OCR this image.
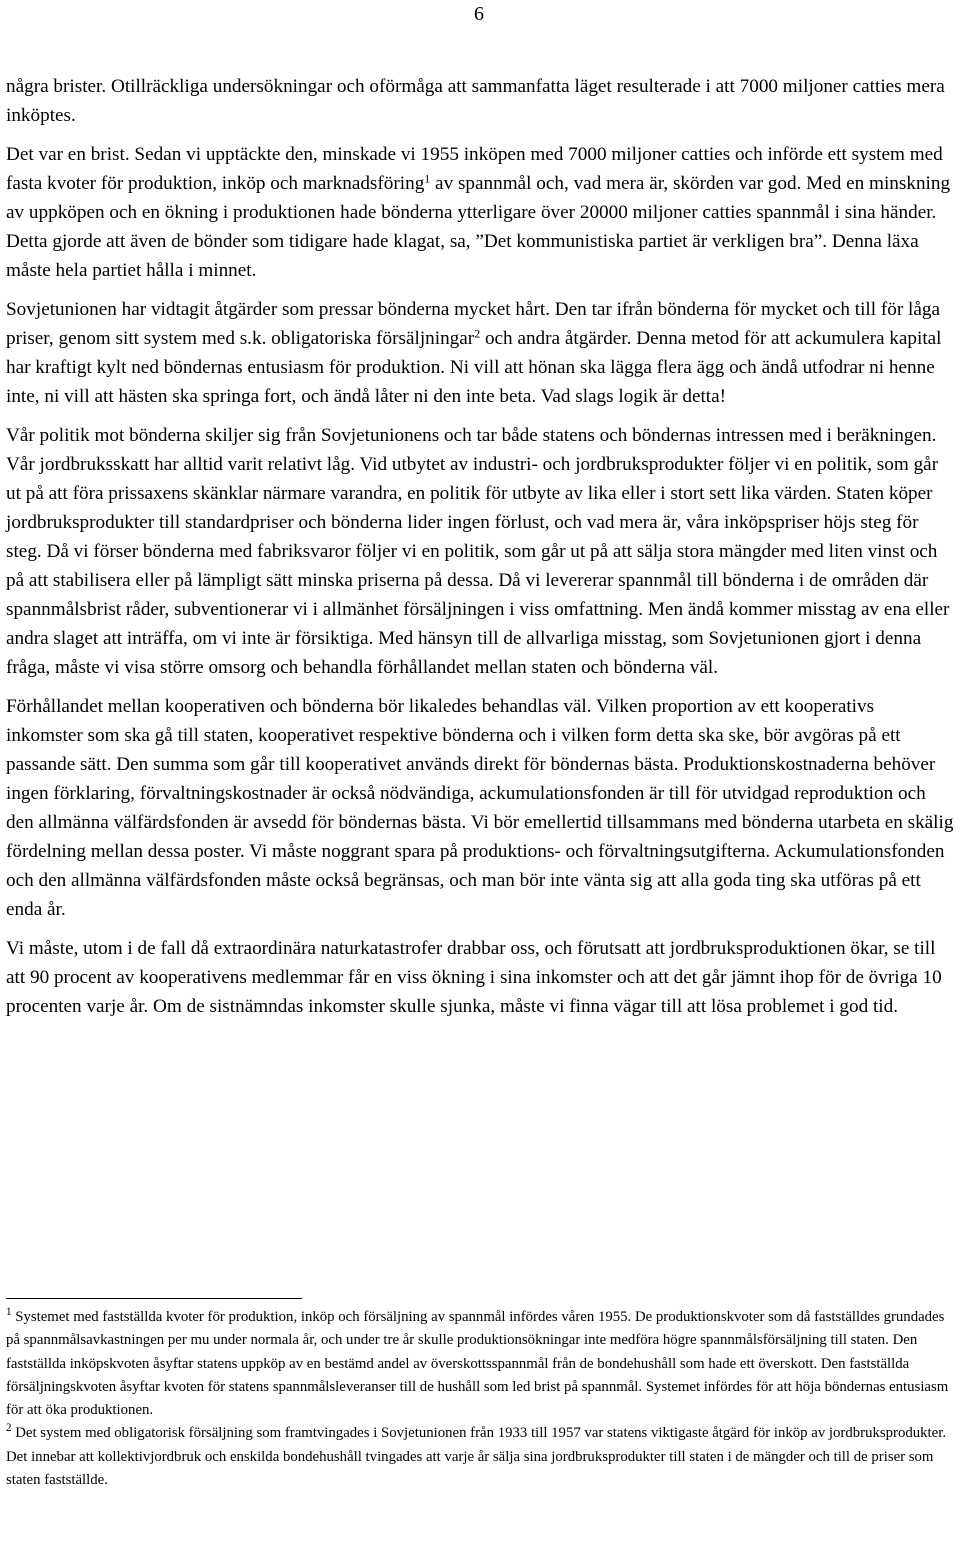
6

några brister. Otillräckliga undersökningar och oförmåga att sammanfatta läget resulterade i att 7000 miljoner catties mera inköptes.

Det var en brist. Sedan vi upptäckte den, minskade vi 1955 inköpen med 7000 miljoner catties och införde ett system med fasta kvoter för produktion, inköp och marknadsföring$^1$ av spannmål och, vad mera är, skörden var god. Med en minskning av uppköpen och en ökning i produktionen hade bönderna ytterligare över 20000 miljoner catties spannmål i sina händer. Detta gjorde att även de bönder som tidigare hade klagat, sa, ”Det kommunistiska partiet är verkligen bra”. Denna läxa måste hela partiet hålla i minnet.

Sovjetunionen har vidtagit åtgärder som pressar bönderna mycket hårt. Den tar ifrån bönderna för mycket och till för låga priser, genom sitt system med s.k. obligatoriska försäljningar$^2$ och andra åtgärder. Denna metod för att ackumulera kapital har kraftigt kylt ned böndernas entusiasm för produktion. Ni vill att hönan ska lägga flera ägg och ändå utfodrar ni henne inte, ni vill att hästen ska springa fort, och ändå låter ni den inte beta. Vad slags logik är detta!

Vår politik mot bönderna skiljer sig från Sovjetunionens och tar både statens och böndernas intressen med i beräkningen. Vår jordbruksskatt har alltid varit relativt låg. Vid utbytet av industri- och jordbruksprodukter följer vi en politik, som går ut på att föra prissaxens skänklar närmare varandra, en politik för utbyte av lika eller i stort sett lika värden. Staten köper jordbruksprodukter till standardpriser och bönderna lider ingen förlust, och vad mera är, våra inköpspriser höjs steg för steg. Då vi förser bönderna med fabriksvaror följer vi en politik, som går ut på att sälja stora mängder med liten vinst och på att stabilisera eller på lämpligt sätt minska priserna på dessa. Då vi levererar spannmål till bönderna i de områden där spannmålsbrist råder, subventionerar vi i allmänhet försäljningen i viss omfattning. Men ändå kommer misstag av ena eller andra slaget att inträffa, om vi inte är försiktiga. Med hänsyn till de allvarliga misstag, som Sovjetunionen gjort i denna fråga, måste vi visa större omsorg och behandla förhållandet mellan staten och bönderna väl.

Förhållandet mellan kooperativen och bönderna bör likaledes behandlas väl. Vilken proportion av ett kooperativs inkomster som ska gå till staten, kooperativet respektive bönderna och i vilken form detta ska ske, bör avgöras på ett passande sätt. Den summa som går till kooperativet används direkt för böndernas bästa. Produktionskostnaderna behöver ingen förklaring, förvaltningskostnader är också nödvändiga, ackumulationsfonden är till för utvidgad reproduktion och den allmänna välfärdsfonden är avsedd för böndernas bästa. Vi bör emellertid tillsammans med bönderna utarbeta en skälig fördelning mellan dessa poster. Vi måste noggrant spara på produktions- och förvaltningsutgifterna. Ackumulationsfonden och den allmänna välfärdsfonden måste också begränsas, och man bör inte vänta sig att alla goda ting ska utföras på ett enda år.

Vi måste, utom i de fall då extraordinära naturkatastrofer drabbar oss, och förutsatt att jordbruksproduktionen ökar, se till att 90 procent av kooperativens medlemmar får en viss ökning i sina inkomster och att det går jämnt ihop för de övriga 10 procenten varje år. Om de sistnämndas inkomster skulle sjunka, måste vi finna vägar till att lösa problemet i god tid.

$^1$ Systemet med fastställda kvoter för produktion, inköp och försäljning av spannmål infördes våren 1955. De produktionskvoter som då fastställdes grundades på spannmålsavkastningen per mu under normala år, och under tre år skulle produktionsökningar inte medföra högre spannmålsförsäljning till staten. Den fastställda inköpskvoten åsyftar statens uppköp av en bestämd andel av överskottsspannmål från de bondehushåll som hade ett överskott. Den fastställda försäljningskvoten åsyftar kvoten för statens spannmålsleveranser till de hushåll som led brist på spannmål. Systemet infördes för att höja böndernas entusiasm för att öka produktionen.

$^2$ Det system med obligatorisk försäljning som framtvingades i Sovjetunionen från 1933 till 1957 var statens viktigaste åtgärd för inköp av jordbruksprodukter. Det innebar att kollektivjordbruk och enskilda bondehushåll tvingades att varje år sälja sina jordbruksprodukter till staten i de mängder och till de priser som staten fastställde.
